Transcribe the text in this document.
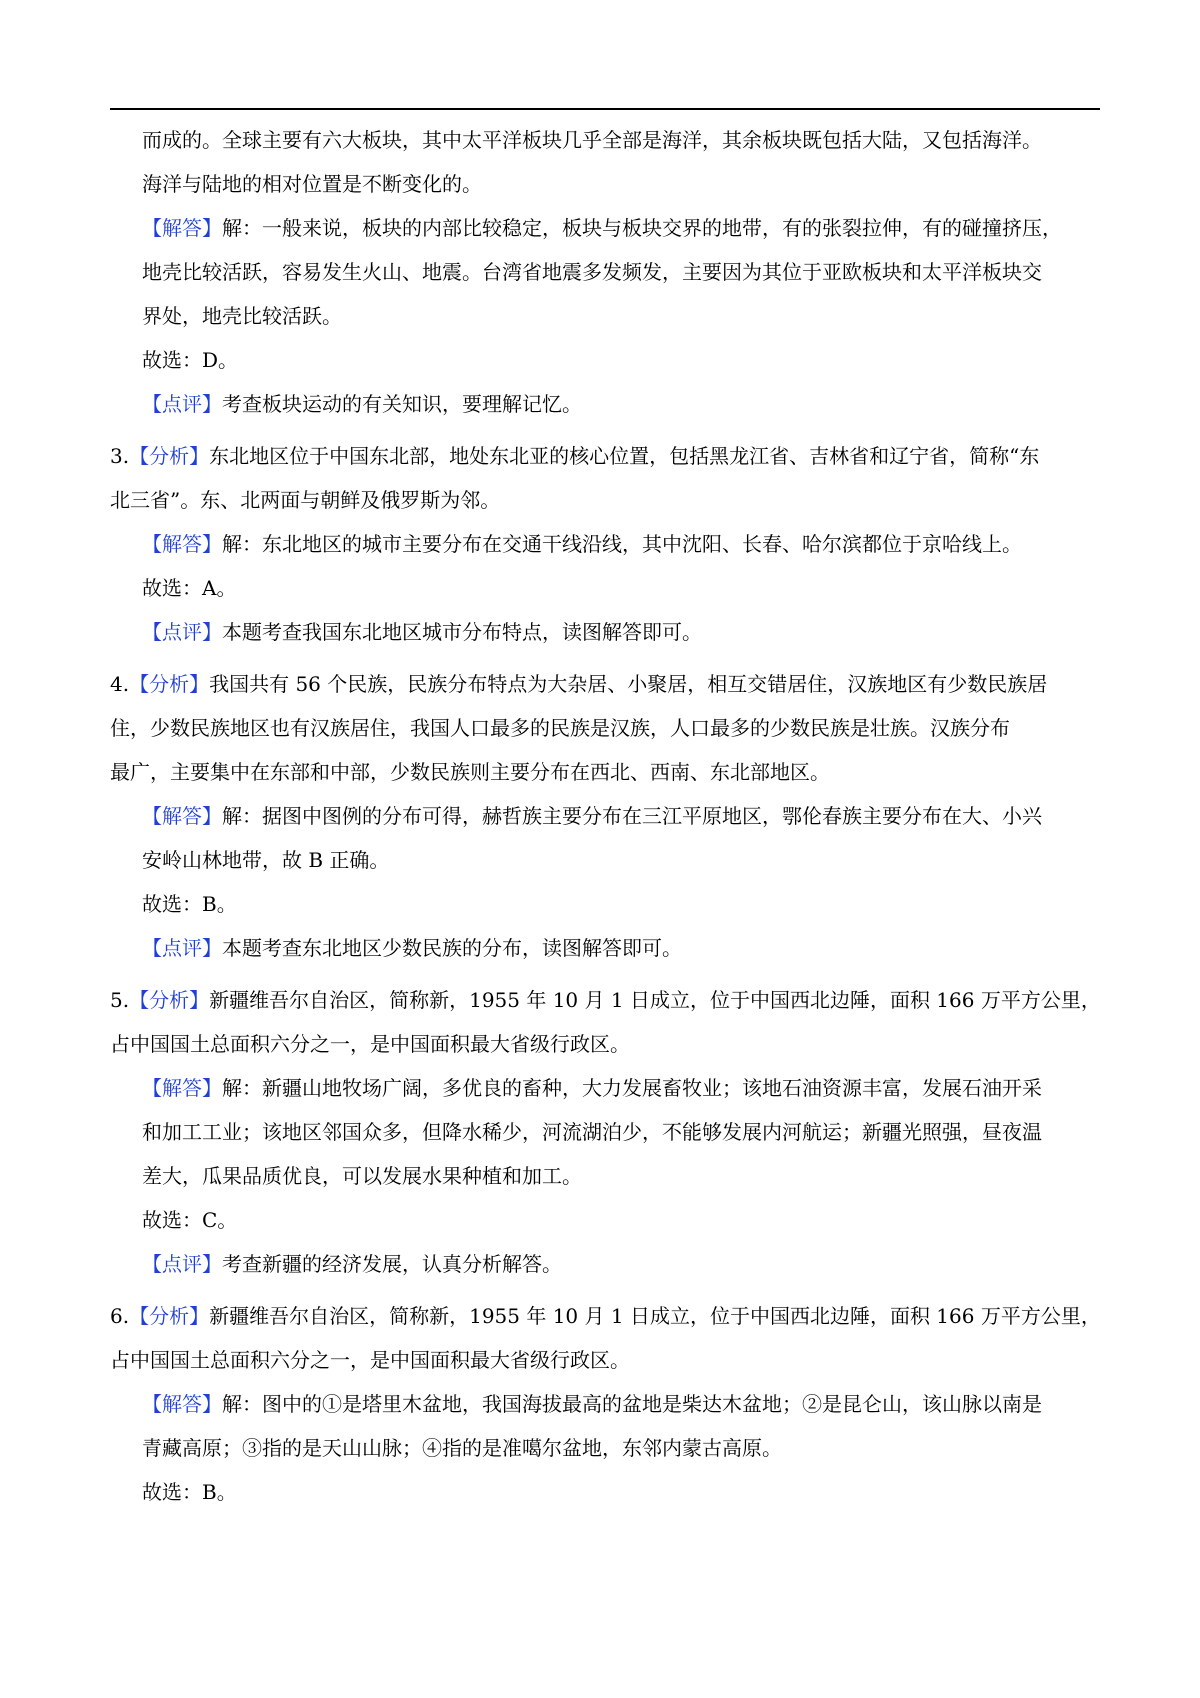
而成的。全球主要有六大板块，其中太平洋板块几乎全部是海洋，其余板块既包括大陆，又包括海洋。
海洋与陆地的相对位置是不断变化的。
【解答】解：一般来说，板块的内部比较稳定，板块与板块交界的地带，有的张裂拉伸，有的碰撞挤压，
地壳比较活跃，容易发生火山、地震。台湾省地震多发频发，主要因为其位于亚欧板块和太平洋板块交
界处，地壳比较活跃。
故选：D。
【点评】考查板块运动的有关知识，要理解记忆。
3.【分析】东北地区位于中国东北部，地处东北亚的核心位置，包括黑龙江省、吉林省和辽宁省，简称“东
北三省”。东、北两面与朝鲜及俄罗斯为邻。
【解答】解：东北地区的城市主要分布在交通干线沿线，其中沈阳、长春、哈尔滨都位于京哈线上。
故选：A。
【点评】本题考查我国东北地区城市分布特点，读图解答即可。
4.【分析】我国共有 56 个民族，民族分布特点为大杂居、小聚居，相互交错居住，汉族地区有少数民族居
住，少数民族地区也有汉族居住，我国人口最多的民族是汉族，人口最多的少数民族是壮族。汉族分布
最广，主要集中在东部和中部，少数民族则主要分布在西北、西南、东北部地区。
【解答】解：据图中图例的分布可得，赫哲族主要分布在三江平原地区，鄂伦春族主要分布在大、小兴
安岭山林地带，故 B 正确。
故选：B。
【点评】本题考查东北地区少数民族的分布，读图解答即可。
5.【分析】新疆维吾尔自治区，简称新，1955 年 10 月 1 日成立，位于中国西北边陲，面积 166 万平方公里，
占中国国土总面积六分之一，是中国面积最大省级行政区。
【解答】解：新疆山地牧场广阔，多优良的畜种，大力发展畜牧业；该地石油资源丰富，发展石油开采
和加工工业；该地区邻国众多，但降水稀少，河流湖泊少，不能够发展内河航运；新疆光照强，昼夜温
差大，瓜果品质优良，可以发展水果种植和加工。
故选：C。
【点评】考查新疆的经济发展，认真分析解答。
6.【分析】新疆维吾尔自治区，简称新，1955 年 10 月 1 日成立，位于中国西北边陲，面积 166 万平方公里，
占中国国土总面积六分之一，是中国面积最大省级行政区。
【解答】解：图中的①是塔里木盆地，我国海拔最高的盆地是柴达木盆地；②是昆仑山，该山脉以南是
青藏高原；③指的是天山山脉；④指的是准噶尔盆地，东邻内蒙古高原。
故选：B。
